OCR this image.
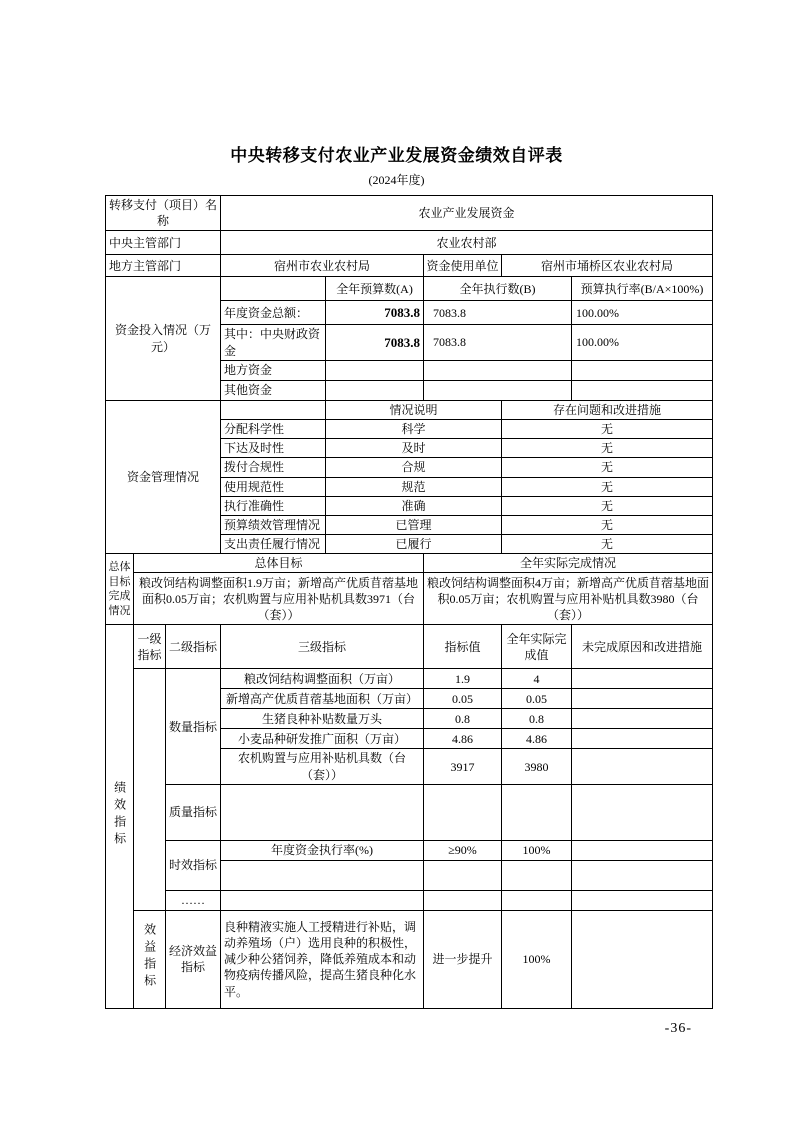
中央转移支付农业产业发展资金绩效自评表
(2024年度)
转移支付（项目）名称			农业产业发展资金				
中央主管部门			农业农村部				
地方主管部门			宿州市农业农村局		资金使用单位	宿州市埇桥区农业农村局	
资金投入情况（万元）				全年预算数(A)	全年执行数(B)		预算执行率(B/A×100%)
			年度资金总额：	7083.8	7083.8		100.00%
			其中：中央财政资金	7083.8	7083.8		100.00%
			地方资金				
			其他资金				
资金管理情况				情况说明		存在问题和改进措施	
			分配科学性	科学		无	
			下达及时性	及时		无	
			拨付合规性	合规		无	
			使用规范性	规范		无	
			执行准确性	准确		无	
			预算绩效管理情况	已管理		无	
			支出责任履行情况	已履行		无	
总体目标完成情况	总体目标				全年实际完成情况		
	粮改饲结构调整面积1.9万亩；新增高产优质苜蓿基地面积0.05万亩；农机购置与应用补贴机具数3971（台（套））				粮改饲结构调整面积4万亩；新增高产优质苜蓿基地面积0.05万亩；农机购置与应用补贴机具数3980（台（套））		
绩效指标	一级指标	二级指标	三级指标		指标值	全年实际完成值	未完成原因和改进措施
		数量指标	粮改饲结构调整面积（万亩）		1.9	4	
			新增高产优质苜蓿基地面积（万亩）		0.05	0.05	
			生猪良种补贴数量万头		0.8	0.8	
			小麦品种研发推广面积（万亩）		4.86	4.86	
			农机购置与应用补贴机具数（台（套））		3917	3980	
		质量指标					
		时效指标	年度资金执行率(%)		≥90%	100%	

		……					
	效益指标	经济效益指标	良种精液实施人工授精进行补贴，调动养殖场（户）选用良种的积极性，减少种公猪饲养，降低养殖成本和动物疫病传播风险，提高生猪良种化水平。		进一步提升	100%	
-36-
